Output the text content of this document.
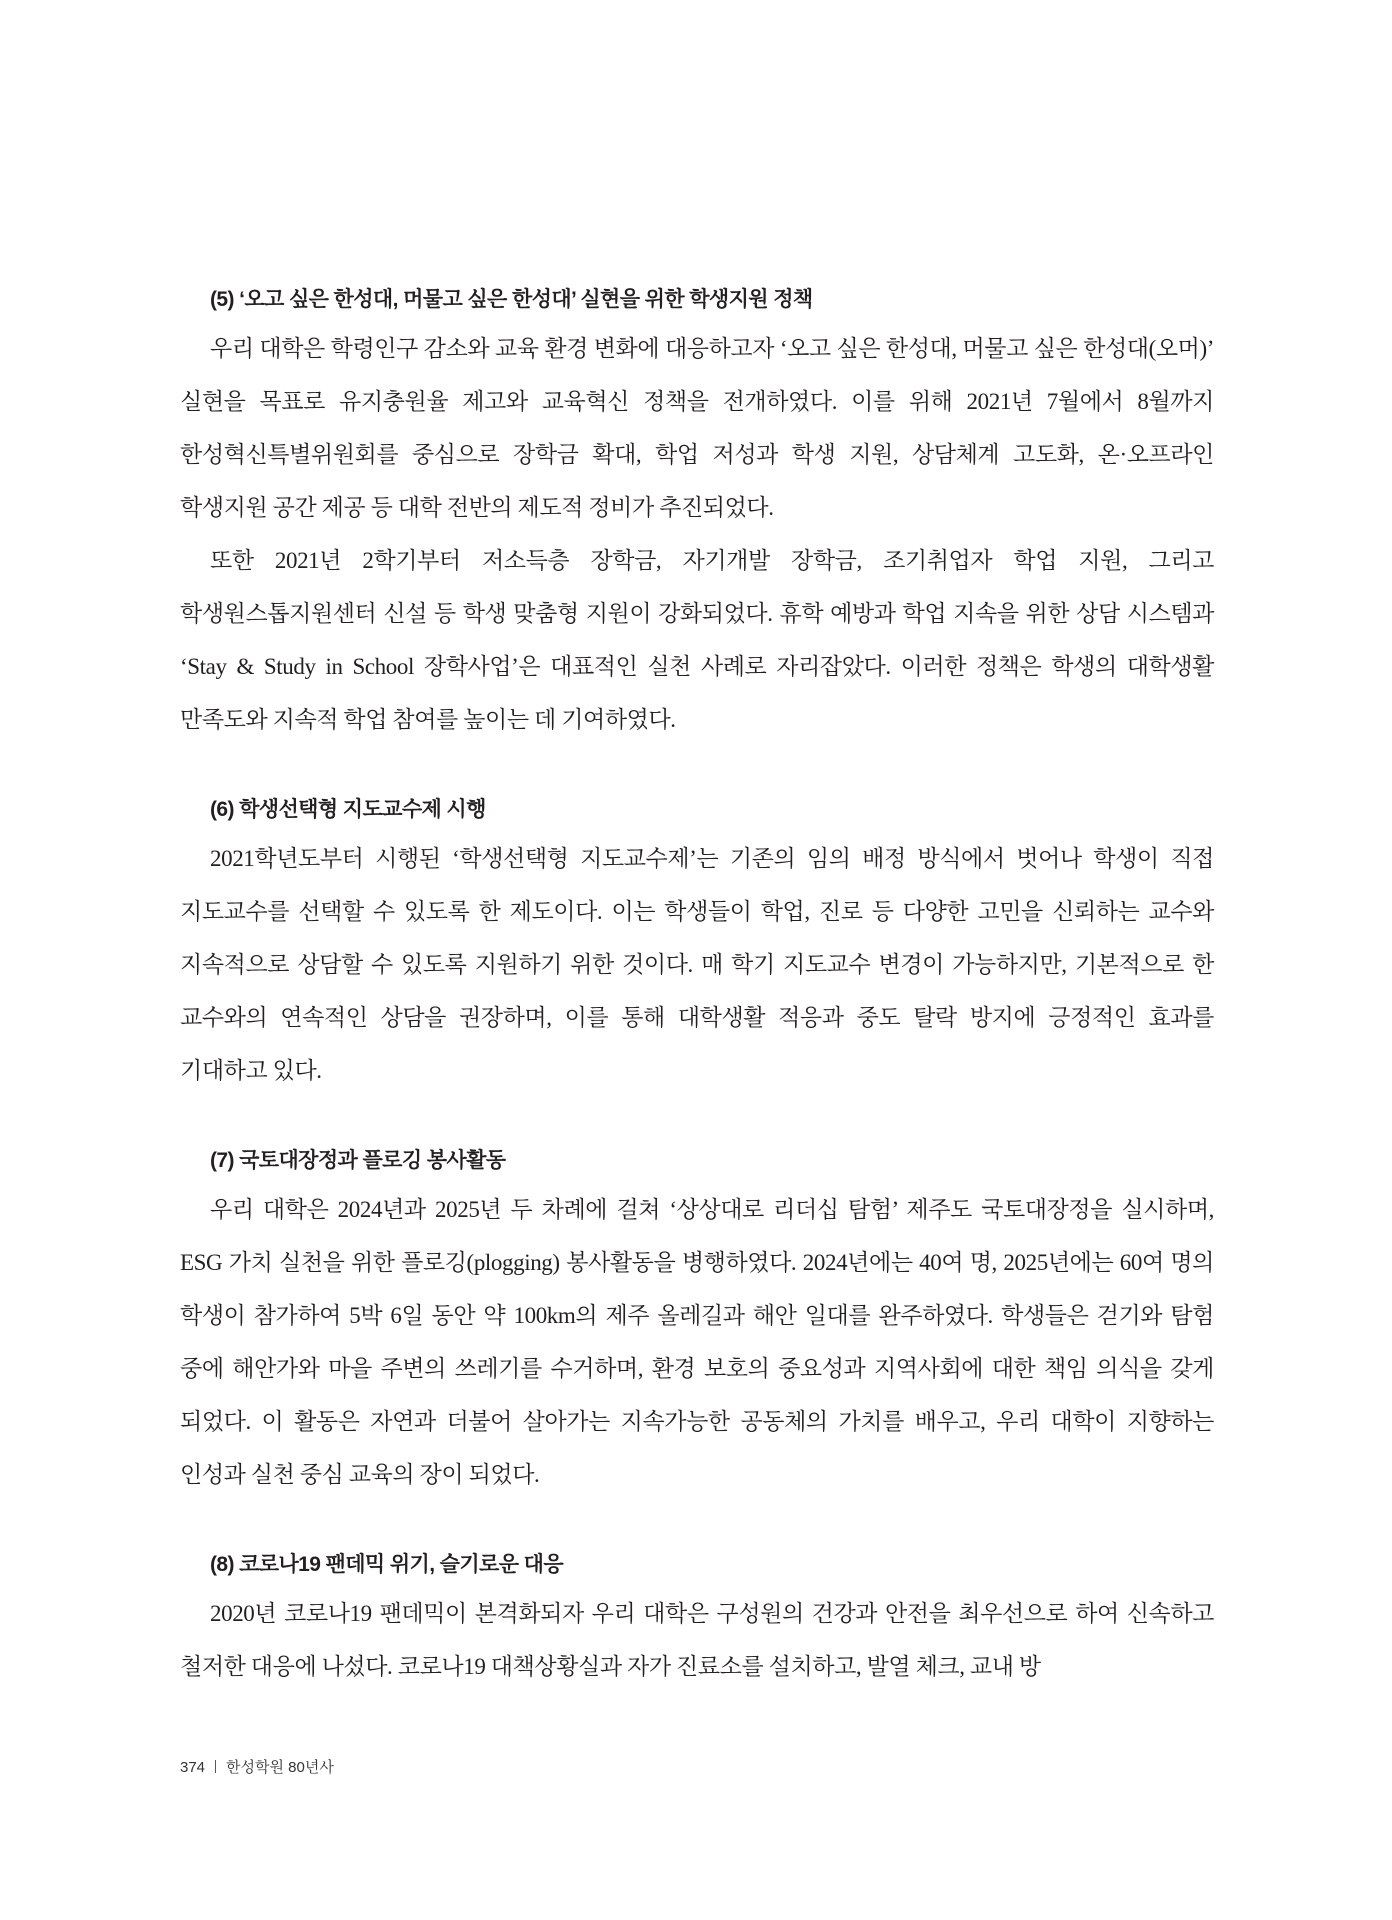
(5) ‘오고 싶은 한성대, 머물고 싶은 한성대’ 실현을 위한 학생지원 정책

우리 대학은 학령인구 감소와 교육 환경 변화에 대응하고자 ‘오고 싶은 한성대, 머물고 싶은 한성대(오머)’ 실현을 목표로 유지충원율 제고와 교육혁신 정책을 전개하였다. 이를 위해 2021년 7월에서 8월까지 한성혁신특별위원회를 중심으로 장학금 확대, 학업 저성과 학생 지원, 상담체계 고도화, 온·오프라인 학생지원 공간 제공 등 대학 전반의 제도적 정비가 추진되었다.

또한 2021년 2학기부터 저소득층 장학금, 자기개발 장학금, 조기취업자 학업 지원, 그리고 학생원스톱지원센터 신설 등 학생 맞춤형 지원이 강화되었다. 휴학 예방과 학업 지속을 위한 상담 시스템과 ‘Stay & Study in School 장학사업’은 대표적인 실천 사례로 자리잡았다. 이러한 정책은 학생의 대학생활 만족도와 지속적 학업 참여를 높이는 데 기여하였다.

(6) 학생선택형 지도교수제 시행

2021학년도부터 시행된 ‘학생선택형 지도교수제’는 기존의 임의 배정 방식에서 벗어나 학생이 직접 지도교수를 선택할 수 있도록 한 제도이다. 이는 학생들이 학업, 진로 등 다양한 고민을 신뢰하는 교수와 지속적으로 상담할 수 있도록 지원하기 위한 것이다. 매 학기 지도교수 변경이 가능하지만, 기본적으로 한 교수와의 연속적인 상담을 권장하며, 이를 통해 대학생활 적응과 중도 탈락 방지에 긍정적인 효과를 기대하고 있다.

(7) 국토대장정과 플로깅 봉사활동

우리 대학은 2024년과 2025년 두 차례에 걸쳐 ‘상상대로 리더십 탐험’ 제주도 국토대장정을 실시하며, ESG 가치 실천을 위한 플로깅(plogging) 봉사활동을 병행하였다. 2024년에는 40여 명, 2025년에는 60여 명의 학생이 참가하여 5박 6일 동안 약 100km의 제주 올레길과 해안 일대를 완주하였다. 학생들은 걷기와 탐험 중에 해안가와 마을 주변의 쓰레기를 수거하며, 환경 보호의 중요성과 지역사회에 대한 책임 의식을 갖게 되었다. 이 활동은 자연과 더불어 살아가는 지속가능한 공동체의 가치를 배우고, 우리 대학이 지향하는 인성과 실천 중심 교육의 장이 되었다.

(8) 코로나19 팬데믹 위기, 슬기로운 대응

2020년 코로나19 팬데믹이 본격화되자 우리 대학은 구성원의 건강과 안전을 최우선으로 하여 신속하고 철저한 대응에 나섰다. 코로나19 대책상황실과 자가 진료소를 설치하고, 발열 체크, 교내 방

374 한성학원 80년사
